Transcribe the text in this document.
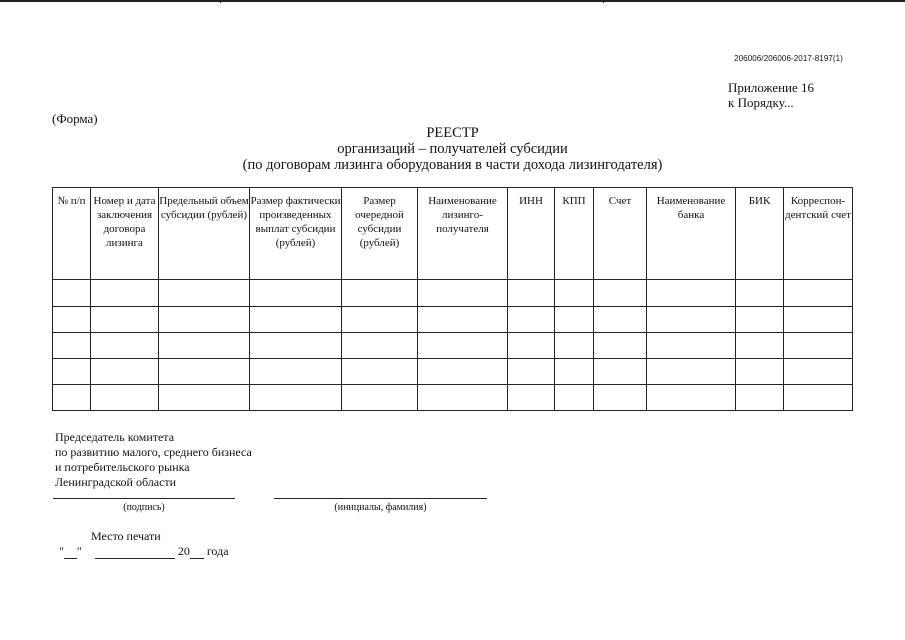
206006/206006-2017-8197(1)
Приложение 16
к Порядку...
(Форма)
РЕЕСТР
организаций – получателей субсидии
(по договорам лизинга оборудования в части дохода лизингодателя)
№ п/п	Номер и дата заключения договора лизинга	Предельный объем субсидии (рублей)	Размер фактически произведенных выплат субсидии (рублей)	Размер очередной субсидии (рублей)	Наименование лизинго- получателя	ИНН	КПП	Счет	Наименование банка	БИК	Корреспон- дентский счет

Председатель комитета
по развитию малого, среднего бизнеса
и потребительского рынка
Ленинградской области
(подпись)	(инициалы, фамилия)
Место печати
" "	20 года
